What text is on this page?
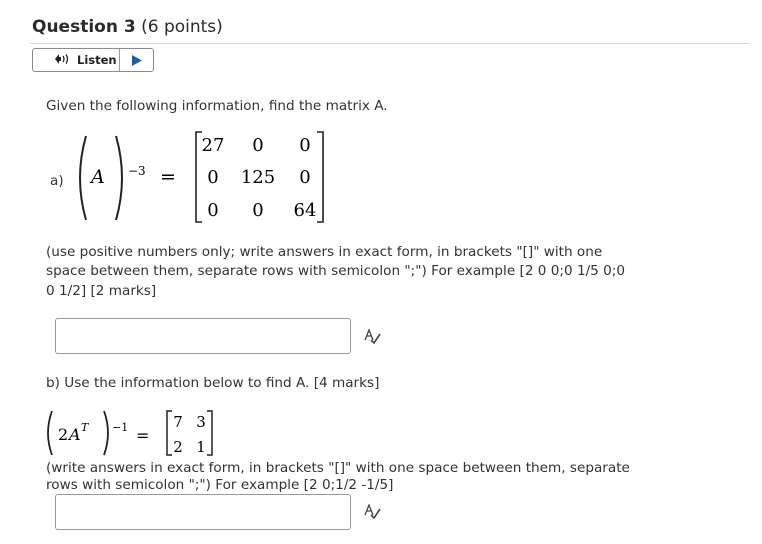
Question 3 (6 points)
Listen
Given the following information, find the matrix A.
a) A −3 =
27 0 0
0 125 0
0 0 64
(use positive numbers only; write answers in exact form, in brackets "[]" with one
space between them, separate rows with semicolon ";") For example [2 0 0;0 1/5 0;0
0 1/2] [2 marks]
b) Use the information below to find A. [4 marks]
2 A T −1 =
7 3
2 1
(write answers in exact form, in brackets "[]" with one space between them, separate
rows with semicolon ";") For example [2 0;1/2 -1/5]
